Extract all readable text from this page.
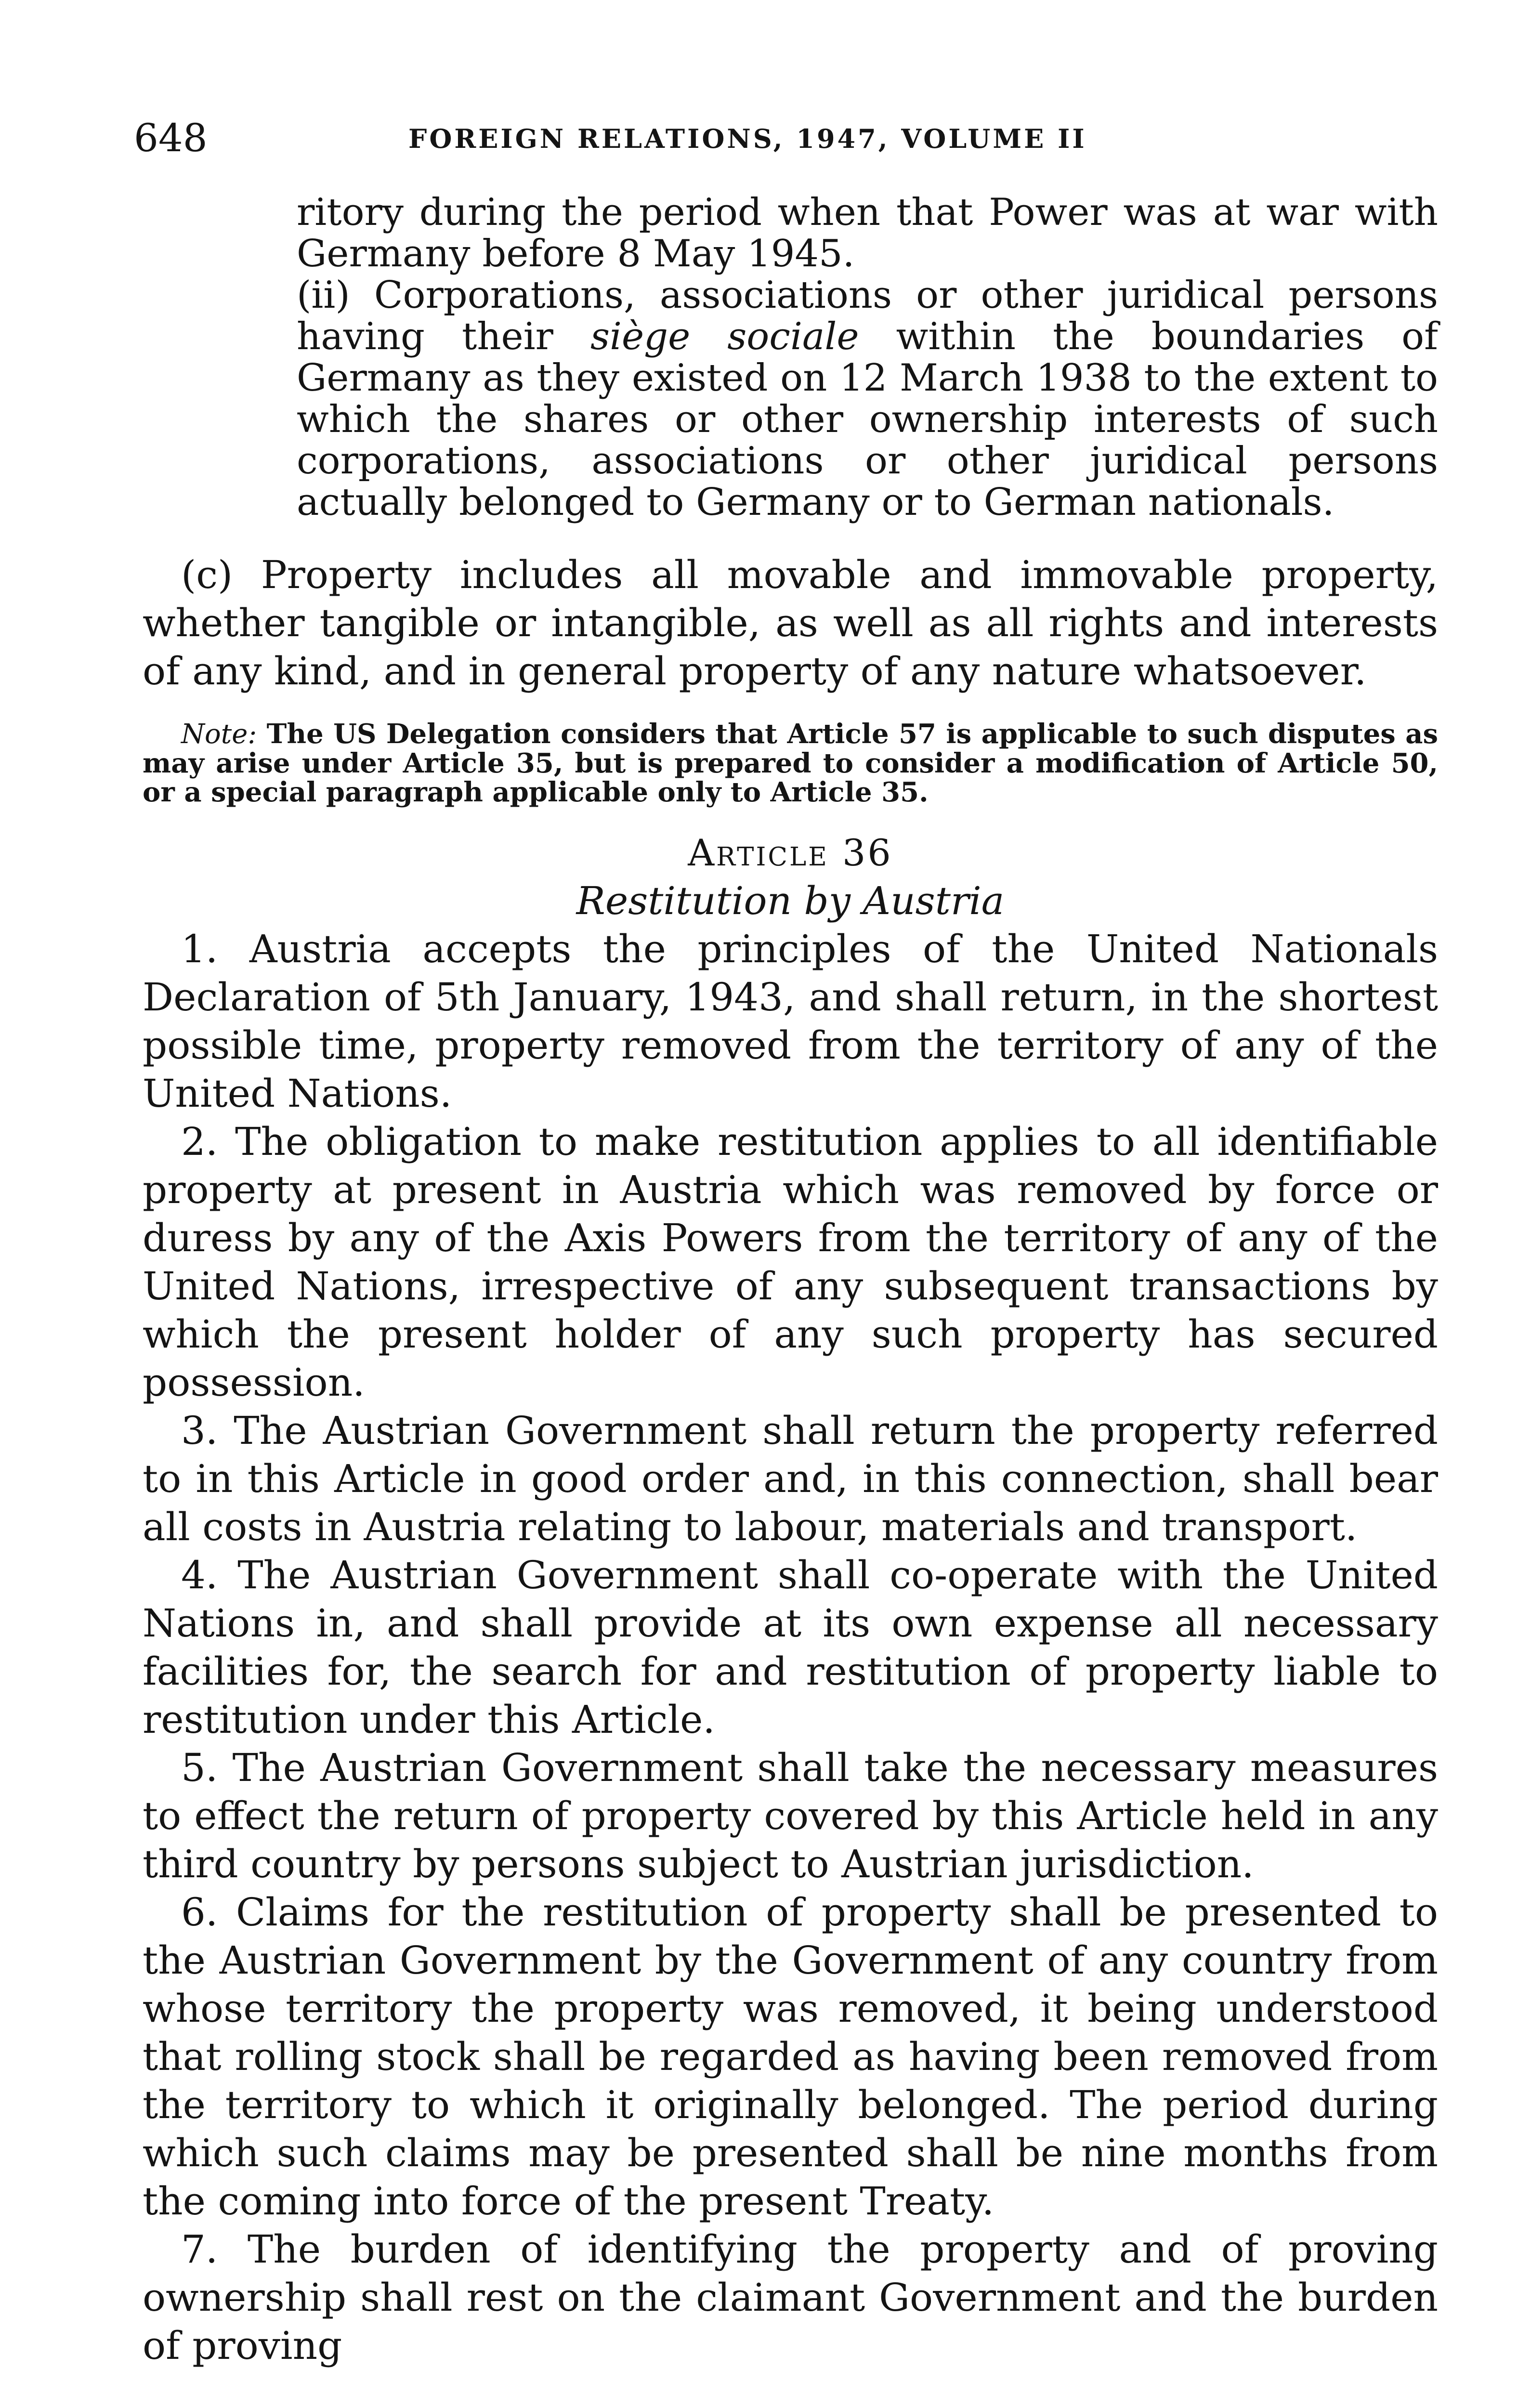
648	FOREIGN RELATIONS, 1947, VOLUME II

ritory during the period when that Power was at war with Germany before 8 May 1945.

(ii) Corporations, associations or other juridical persons having their siège sociale within the boundaries of Germany as they existed on 12 March 1938 to the extent to which the shares or other ownership interests of such corporations, associations or other juridical persons actually belonged to Germany or to German nationals.

(c) Property includes all movable and immovable property, whether tangible or intangible, as well as all rights and interests of any kind, and in general property of any nature whatsoever.

Note: The US Delegation considers that Article 57 is applicable to such disputes as may arise under Article 35, but is prepared to consider a modification of Article 50, or a special paragraph applicable only to Article 35.

Article 36
Restitution by Austria

1. Austria accepts the principles of the United Nationals Declaration of 5th January, 1943, and shall return, in the shortest possible time, property removed from the territory of any of the United Nations.

2. The obligation to make restitution applies to all identifiable property at present in Austria which was removed by force or duress by any of the Axis Powers from the territory of any of the United Nations, irrespective of any subsequent transactions by which the present holder of any such property has secured possession.

3. The Austrian Government shall return the property referred to in this Article in good order and, in this connection, shall bear all costs in Austria relating to labour, materials and transport.

4. The Austrian Government shall co-operate with the United Nations in, and shall provide at its own expense all necessary facilities for, the search for and restitution of property liable to restitution under this Article.

5. The Austrian Government shall take the necessary measures to effect the return of property covered by this Article held in any third country by persons subject to Austrian jurisdiction.

6. Claims for the restitution of property shall be presented to the Austrian Government by the Government of any country from whose territory the property was removed, it being understood that rolling stock shall be regarded as having been removed from the territory to which it originally belonged. The period during which such claims may be presented shall be nine months from the coming into force of the present Treaty.

7. The burden of identifying the property and of proving ownership shall rest on the claimant Government and the burden of proving
